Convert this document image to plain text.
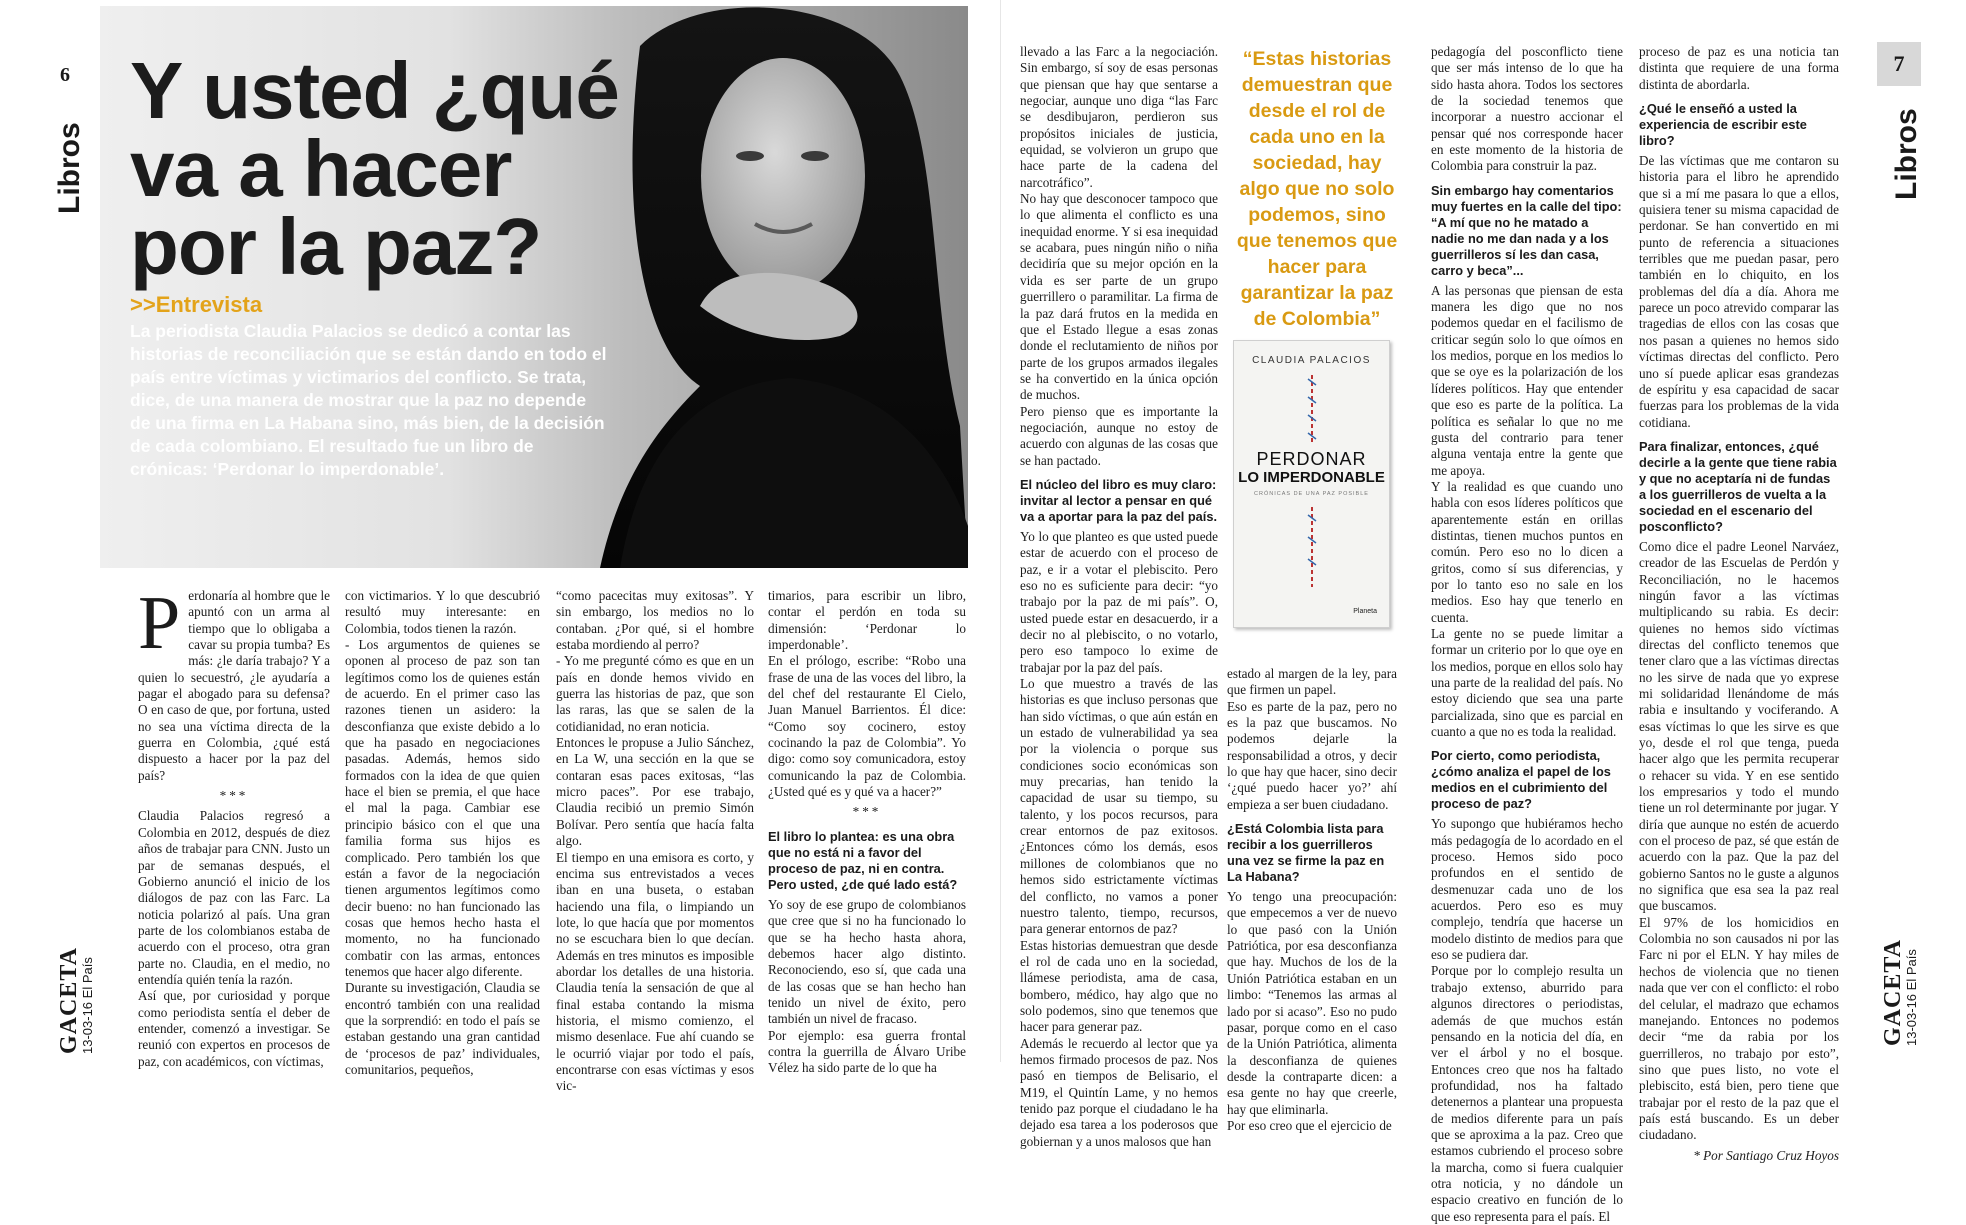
6
Libros
GACETA
13-03-16 El País
Y usted ¿qué
va a hacer
por la paz?
>>Entrevista
La periodista Claudia Palacios se dedicó a contar las historias de reconciliación que se están dando en todo el país entre víctimas y victimarios del conflicto. Se trata, dice, de una manera de mostrar que la paz no depende de una firma en La Habana sino, más bien, de la decisión de cada colombiano. El resultado fue un libro de crónicas: ‘Perdonar lo imperdonable’.
P erdonaría al hombre que le apuntó con un arma al tiempo que lo obligaba a cavar su propia tumba? Es más: ¿le daría trabajo? Y a quien lo secuestró, ¿le ayudaría a pagar el abogado para su defensa? O en caso de que, por fortuna, usted no sea una víctima directa de la guerra en Colombia, ¿qué está dispuesto a hacer por la paz del país?

***

Claudia Palacios regresó a Colombia en 2012, después de diez años de trabajar para CNN. Justo un par de semanas después, el Gobierno anunció el inicio de los diálogos de paz con las Farc. La noticia polarizó al país. Una gran parte de los colombianos estaba de acuerdo con el proceso, otra gran parte no. Claudia, en el medio, no entendía quién tenía la razón.

Así que, por curiosidad y porque como periodista sentía el deber de entender, comenzó a investigar. Se reunió con expertos en procesos de paz, con académicos, con víctimas,

con victimarios. Y lo que descubrió resultó muy interesante: en Colombia, todos tienen la razón.

- Los argumentos de quienes se oponen al proceso de paz son tan legítimos como los de quienes están de acuerdo. En el primer caso las razones tienen un asidero: la desconfianza que existe debido a lo que ha pasado en negociaciones pasadas. Además, hemos sido formados con la idea de que quien hace el bien se premia, el que hace el mal la paga. Cambiar ese principio básico con el que una familia forma sus hijos es complicado. Pero también los que están a favor de la negociación tienen argumentos legítimos como decir bueno: no han funcionado las cosas que hemos hecho hasta el momento, no ha funcionado combatir con las armas, entonces tenemos que hacer algo diferente.

Durante su investigación, Claudia se encontró también con una realidad que la sorprendió: en todo el país se estaban gestando una gran cantidad de ‘procesos de paz’ individuales, comunitarios, pequeños,

“como pacecitas muy exitosas”. Y sin embargo, los medios no lo contaban. ¿Por qué, si el hombre estaba mordiendo al perro?

- Yo me pregunté cómo es que en un país en donde hemos vivido en guerra las historias de paz, que son las raras, las que se salen de la cotidianidad, no eran noticia.

Entonces le propuse a Julio Sánchez, en La W, una sección en la que se contaran esas paces exitosas, “las micro paces”. Por ese trabajo, Claudia recibió un premio Simón Bolívar. Pero sentía que hacía falta algo.

El tiempo en una emisora es corto, y encima sus entrevistados a veces iban en una buseta, o estaban haciendo una fila, o limpiando un lote, lo que hacía que por momentos no se escuchara bien lo que decían. Además en tres minutos es imposible abordar los detalles de una historia. Claudia tenía la sensación de que al final estaba contando la misma historia, el mismo comienzo, el mismo desenlace. Fue ahí cuando se le ocurrió viajar por todo el país, encontrarse con esas víctimas y esos vic-

timarios, para escribir un libro, contar el perdón en toda su dimensión: ‘Perdonar lo imperdonable’.

En el prólogo, escribe: “Robo una frase de una de las voces del libro, la del chef del restaurante El Cielo, Juan Manuel Barrientos. Él dice: “Como soy cocinero, estoy cocinando la paz de Colombia”. Yo digo: como soy comunicadora, estoy comunicando la paz de Colombia. ¿Usted qué es y qué va a hacer?”

***

El libro lo plantea: es una obra que no está ni a favor del proceso de paz, ni en contra. Pero usted, ¿de qué lado está?

Yo soy de ese grupo de colombianos que cree que si no ha funcionado lo que se ha hecho hasta ahora, debemos hacer algo distinto. Reconociendo, eso sí, que cada una de las cosas que se han hecho han tenido un nivel de éxito, pero también un nivel de fracaso.

Por ejemplo: esa guerra frontal contra la guerrilla de Álvaro Uribe Vélez ha sido parte de lo que ha

llevado a las Farc a la negociación. Sin embargo, sí soy de esas personas que piensan que hay que sentarse a negociar, aunque uno diga “las Farc se desdibujaron, perdieron sus propósitos iniciales de justicia, equidad, se volvieron un grupo que hace parte de la cadena del narcotráfico”.

No hay que desconocer tampoco que lo que alimenta el conflicto es una inequidad enorme. Y si esa inequidad se acabara, pues ningún niño o niña decidiría que su mejor opción en la vida es ser parte de un grupo guerrillero o paramilitar. La firma de la paz dará frutos en la medida en que el Estado llegue a esas zonas donde el reclutamiento de niños por parte de los grupos armados ilegales se ha convertido en la única opción de muchos.

Pero pienso que es importante la negociación, aunque no estoy de acuerdo con algunas de las cosas que se han pactado.

El núcleo del libro es muy claro: invitar al lector a pensar en qué va a aportar para la paz del país.

Yo lo que planteo es que usted puede estar de acuerdo con el proceso de paz, e ir a votar el plebiscito. Pero eso no es suficiente para decir: “yo trabajo por la paz de mi país”. O, usted puede estar en desacuerdo, ir a decir no al plebiscito, o no votarlo, pero eso tampoco lo exime de trabajar por la paz del país.

Lo que muestro a través de las historias es que incluso personas que han sido víctimas, o que aún están en un estado de vulnerabilidad ya sea por la violencia o porque sus condiciones socio económicas son muy precarias, han tenido la capacidad de usar su tiempo, su talento, y los pocos recursos, para crear entornos de paz exitosos. ¿Entonces cómo los demás, esos millones de colombianos que no hemos sido estrictamente víctimas del conflicto, no vamos a poner nuestro talento, tiempo, recursos, para generar entornos de paz?

Estas historias demuestran que desde el rol de cada uno en la sociedad, llámese periodista, ama de casa, bombero, médico, hay algo que no solo podemos, sino que tenemos que hacer para generar paz.

Además le recuerdo al lector que ya hemos firmado procesos de paz. Nos pasó en tiempos de Belisario, el M19, el Quintín Lame, y no hemos tenido paz porque el ciudadano le ha dejado esa tarea a los poderosos que gobiernan y a unos malosos que han

“Estas historias demuestran que desde el rol de cada uno en la sociedad, hay algo que no solo podemos, sino que tenemos que hacer para garantizar la paz de Colombia”
CLAUDIA PALACIOS
PERDONAR
LO IMPERDONABLE
CRÓNICAS DE UNA PAZ POSIBLE
Planeta

estado al margen de la ley, para que firmen un papel.

Eso es parte de la paz, pero no es la paz que buscamos. No podemos dejarle la responsabilidad a otros, y decir lo que hay que hacer, sino decir ‘¿qué puedo hacer yo?’ ahí empieza a ser buen ciudadano.

¿Está Colombia lista para recibir a los guerrilleros una vez se firme la paz en La Habana?

Yo tengo una preocupación: que empecemos a ver de nuevo lo que pasó con la Unión Patriótica, por esa desconfianza que hay. Muchos de los de la Unión Patriótica estaban en un limbo: “Tenemos las armas al lado por si acaso”. Eso no pudo pasar, porque como en el caso de la Unión Patriótica, alimenta la desconfianza de quienes desde la contraparte dicen: a esa gente no hay que creerle, hay que eliminarla.

Por eso creo que el ejercicio de

pedagogía del posconflicto tiene que ser más intenso de lo que ha sido hasta ahora. Todos los sectores de la sociedad tenemos que incorporar a nuestro accionar el pensar qué nos corresponde hacer en este momento de la historia de Colombia para construir la paz.

Sin embargo hay comentarios muy fuertes en la calle del tipo: “A mí que no he matado a nadie no me dan nada y a los guerrilleros sí les dan casa, carro y beca”...

A las personas que piensan de esta manera les digo que no nos podemos quedar en el facilismo de criticar según solo lo que oímos en los medios, porque en los medios lo que se oye es la polarización de los líderes políticos. Hay que entender que eso es parte de la política. La política es señalar lo que no me gusta del contrario para tener alguna ventaja entre la gente que me apoya.

Y la realidad es que cuando uno habla con esos líderes políticos que aparentemente están en orillas distintas, tienen muchos puntos en común. Pero eso no lo dicen a gritos, como sí sus diferencias, y por lo tanto eso no sale en los medios. Eso hay que tenerlo en cuenta.

La gente no se puede limitar a formar un criterio por lo que oye en los medios, porque en ellos solo hay una parte de la realidad del país. No estoy diciendo que sea una parte parcializada, sino que es parcial en cuanto a que no es toda la realidad.

Por cierto, como periodista, ¿cómo analiza el papel de los medios en el cubrimiento del proceso de paz?

Yo supongo que hubiéramos hecho más pedagogía de lo acordado en el proceso. Hemos sido poco profundos en el sentido de desmenuzar cada uno de los acuerdos. Pero eso es muy complejo, tendría que hacerse un modelo distinto de medios para que eso se pudiera dar.

Porque por lo complejo resulta un trabajo extenso, aburrido para algunos directores o periodistas, además de que muchos están pensando en la noticia del día, en ver el árbol y no el bosque. Entonces creo que nos ha faltado profundidad, nos ha faltado detenernos a plantear una propuesta de medios diferente para un país que se aproxima a la paz. Creo que estamos cubriendo el proceso sobre la marcha, como si fuera cualquier otra noticia, y no dándole un espacio creativo en función de lo que eso representa para el país. El

proceso de paz es una noticia tan distinta que requiere de una forma distinta de abordarla.

¿Qué le enseñó a usted la experiencia de escribir este libro?

De las víctimas que me contaron su historia para el libro he aprendido que si a mí me pasara lo que a ellos, quisiera tener su misma capacidad de perdonar. Se han convertido en mi punto de referencia a situaciones terribles que me puedan pasar, pero también en lo chiquito, en los problemas del día a día. Ahora me parece un poco atrevido comparar las tragedias de ellos con las cosas que nos pasan a quienes no hemos sido víctimas directas del conflicto. Pero uno sí puede aplicar esas grandezas de espíritu y esa capacidad de sacar fuerzas para los problemas de la vida cotidiana.

Para finalizar, entonces, ¿qué decirle a la gente que tiene rabia y que no aceptaría ni de fundas a los guerrilleros de vuelta a la sociedad en el escenario del posconflicto?

Como dice el padre Leonel Narváez, creador de las Escuelas de Perdón y Reconciliación, no le hacemos ningún favor a las víctimas multiplicando su rabia. Es decir: quienes no hemos sido víctimas directas del conflicto tenemos que tener claro que a las víctimas directas no les sirve de nada que yo exprese mi solidaridad llenándome de más rabia e insultando y vociferando. A esas víctimas lo que les sirve es que yo, desde el rol que tenga, pueda hacer algo que les permita recuperar o rehacer su vida. Y en ese sentido los empresarios y todo el mundo tiene un rol determinante por jugar. Y diría que aunque no estén de acuerdo con el proceso de paz, sé que están de acuerdo con la paz. Que la paz del gobierno Santos no le guste a algunos no significa que esa sea la paz real que buscamos.

El 97% de los homicidios en Colombia no son causados ni por las Farc ni por el ELN. Y hay miles de hechos de violencia que no tienen nada que ver con el conflicto: el robo del celular, el madrazo que echamos manejando. Entonces no podemos decir “me da rabia por los guerrilleros, no trabajo por esto”, sino que pues listo, no vote el plebiscito, está bien, pero tiene que trabajar por el resto de la paz que el país está buscando. Es un deber ciudadano.

* Por Santiago Cruz Hoyos

7
Libros
GACETA
13-03-16 El País
